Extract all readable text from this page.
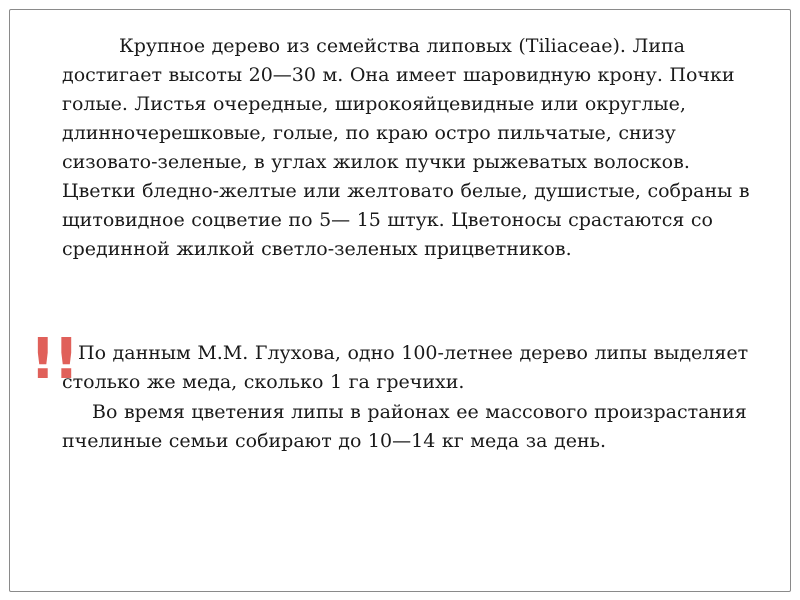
Крупное дерево из семейства липовых (Tiliaceae). Липа достигает высоты 20—30 м. Она имеет шаровидную крону. Почки голые. Листья очередные, широкояйцевидные или округлые, длинночерешковые, голые, по краю остро пильчатые, снизу сизовато-зеленые, в углах жилок пучки рыжеватых волосков. Цветки бледно-желтые или желтовато белые, душистые, собраны в щитовидное соцветие по 5— 15 штук. Цветоносы срастаются со срединной жилкой светло-зеленых прицветников.

!! По данным М.М. Глухова, одно 100-летнее дерево липы выделяет столько же меда, сколько 1 га гречихи.

Во время цветения липы в районах ее массового произрастания пчелиные семьи собирают до 10—14 кг меда за день.
